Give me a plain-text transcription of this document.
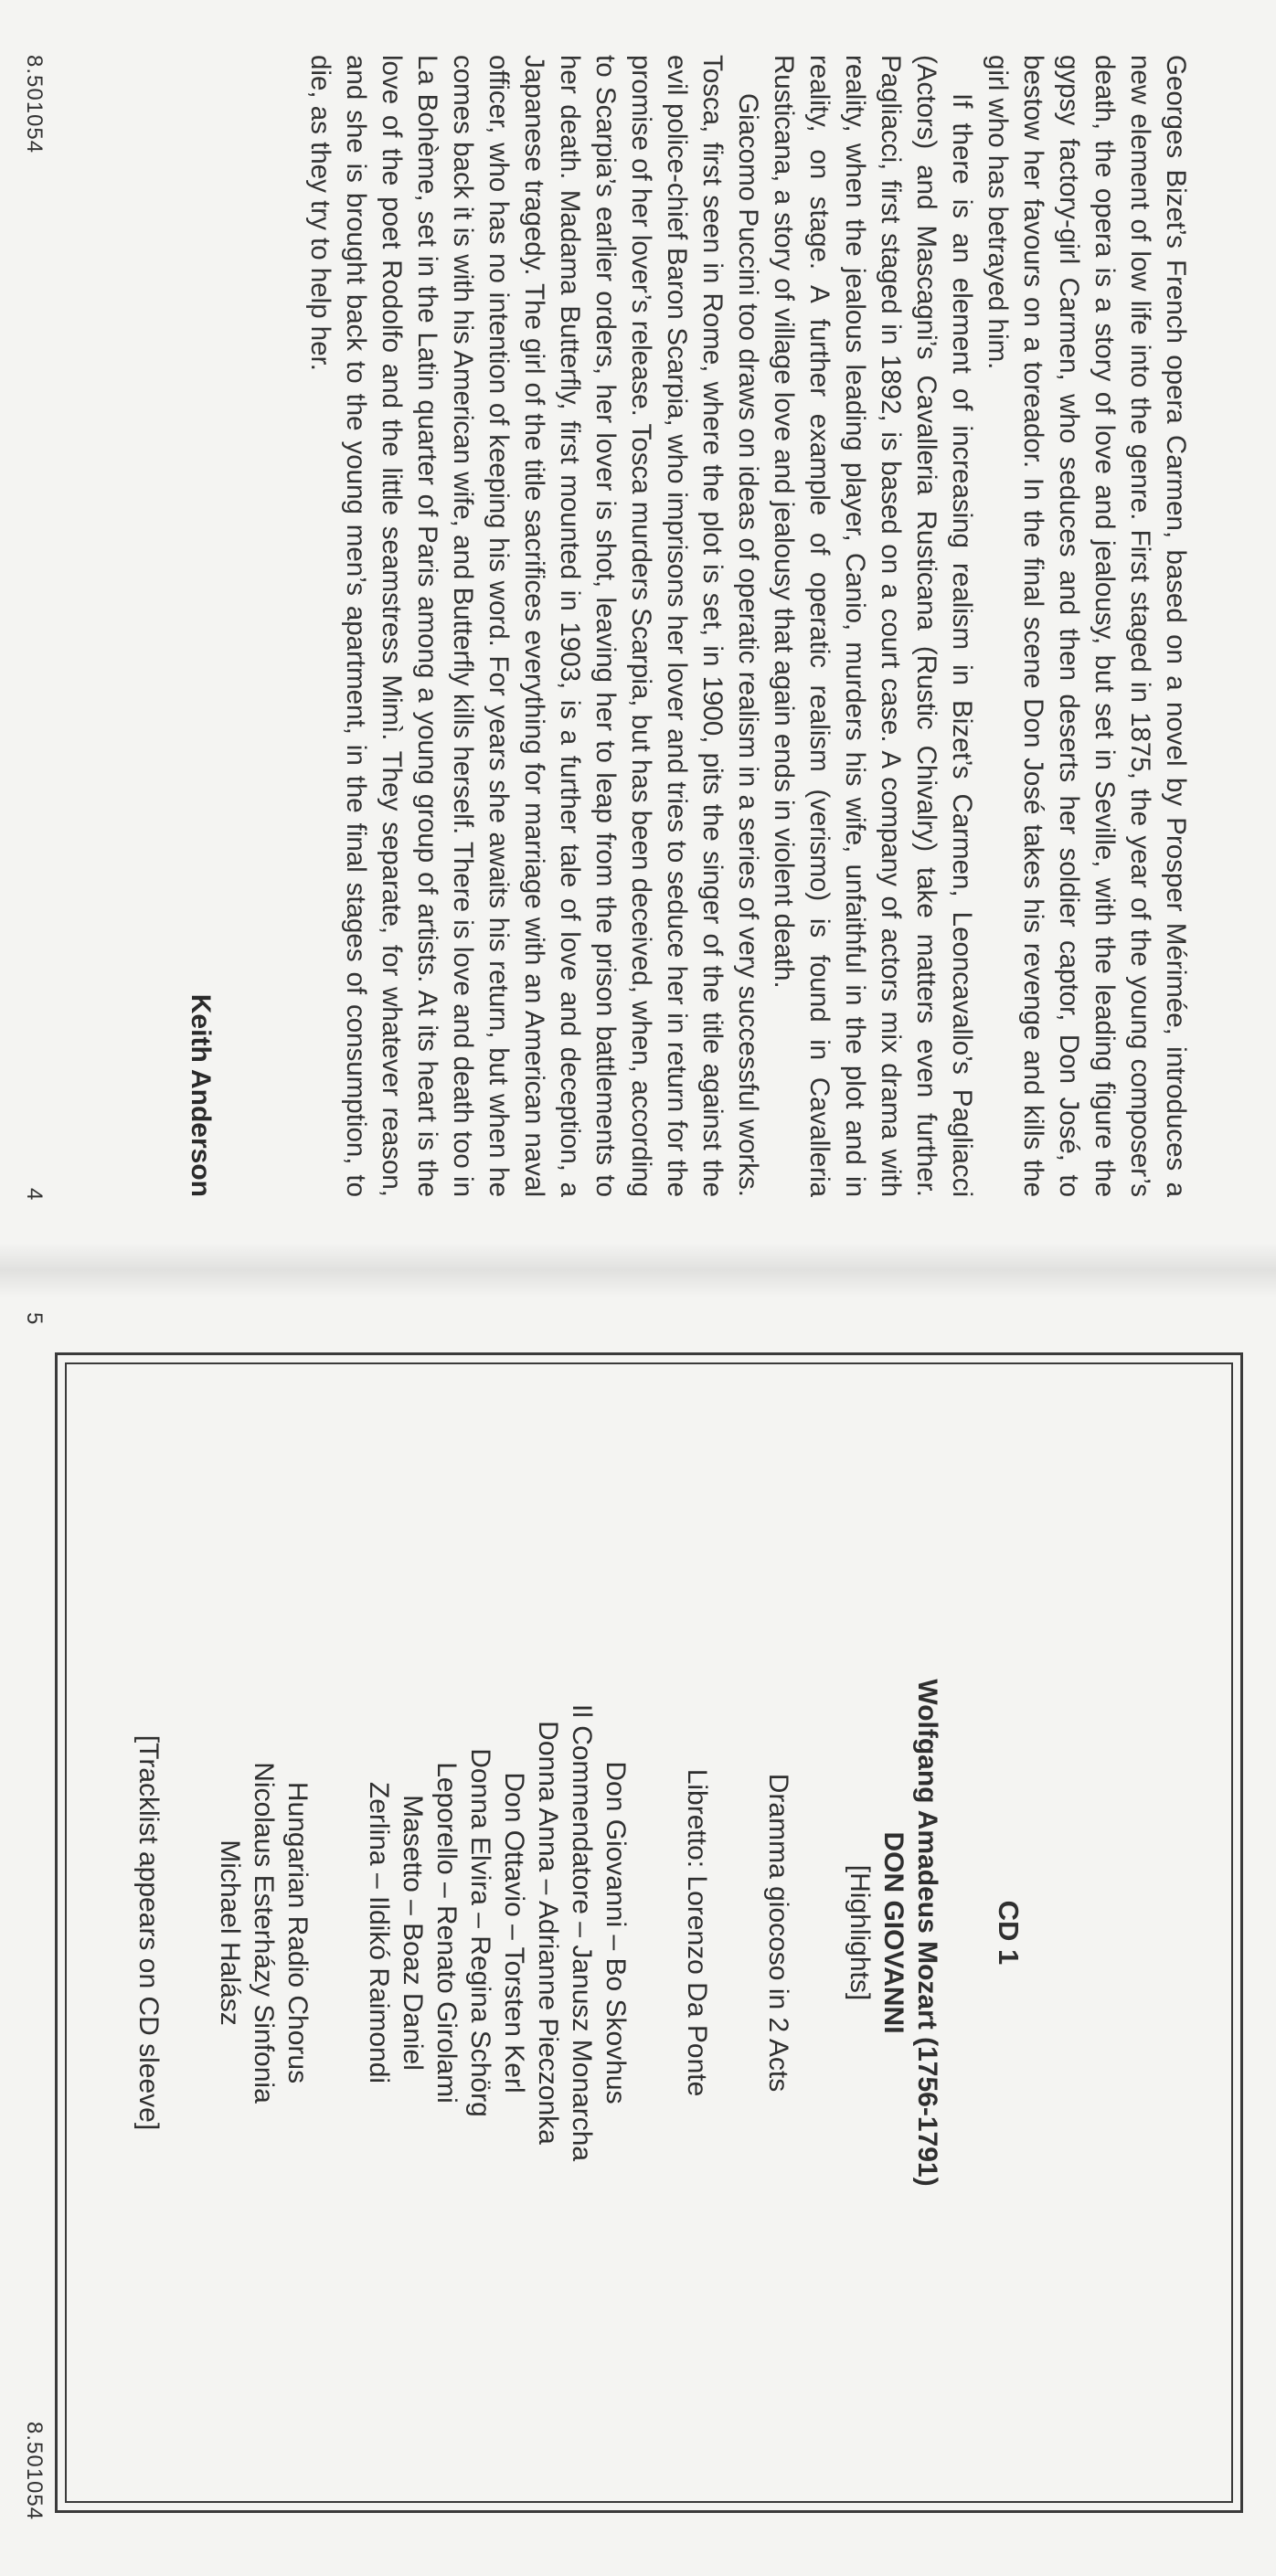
Georges Bizet’s French opera Carmen, based on a novel by Prosper Mérimée, introduces a new element of low life into the genre. First staged in 1875, the year of the young composer’s death, the opera is a story of love and jealousy, but set in Seville, with the leading figure the gypsy factory-girl Carmen, who seduces and then deserts her soldier captor, Don José, to bestow her favours on a toreador. In the final scene Don José takes his revenge and kills the girl who has betrayed him.

If there is an element of increasing realism in Bizet’s Carmen, Leoncavallo’s Pagliacci (Actors) and Mascagni’s Cavalleria Rusticana (Rustic Chivalry) take matters even further. Pagliacci, first staged in 1892, is based on a court case. A company of actors mix drama with reality, when the jealous leading player, Canio, murders his wife, unfaithful in the plot and in reality, on stage. A further example of operatic realism (verismo) is found in Cavalleria Rusticana, a story of village love and jealousy that again ends in violent death.

Giacomo Puccini too draws on ideas of operatic realism in a series of very successful works. Tosca, first seen in Rome, where the plot is set, in 1900, pits the singer of the title against the evil police-chief Baron Scarpia, who imprisons her lover and tries to seduce her in return for the promise of her lover’s release. Tosca murders Scarpia, but has been deceived, when, according to Scarpia’s earlier orders, her lover is shot, leaving her to leap from the prison battlements to her death. Madama Butterfly, first mounted in 1903, is a further tale of love and deception, a Japanese tragedy. The girl of the title sacrifices everything for marriage with an American naval officer, who has no intention of keeping his word. For years she awaits his return, but when he comes back it is with his American wife, and Butterfly kills herself. There is love and death too in La Bohème, set in the Latin quarter of Paris among a young group of artists. At its heart is the love of the poet Rodolfo and the little seamstress Mimì. They separate, for whatever reason, and she is brought back to the young men’s apartment, in the final stages of consumption, to die, as they try to help her.

Keith Anderson
8.501054
4
5
CD 1
Wolfgang Amadeus Mozart (1756-1791)
DON GIOVANNI
[Highlights]
Dramma giocoso in 2 Acts
Libretto: Lorenzo Da Ponte
Don Giovanni – Bo Skovhus
Il Commendatore – Janusz Monarcha
Donna Anna – Adrianne Pieczonka
Don Ottavio – Torsten Kerl
Donna Elvira – Regina Schörg
Leporello – Renato Girolami
Masetto – Boaz Daniel
Zerlina – Ildikó Raimondi
Hungarian Radio Chorus
Nicolaus Esterházy Sinfonia
Michael Halász
[Tracklist appears on CD sleeve]
8.501054
